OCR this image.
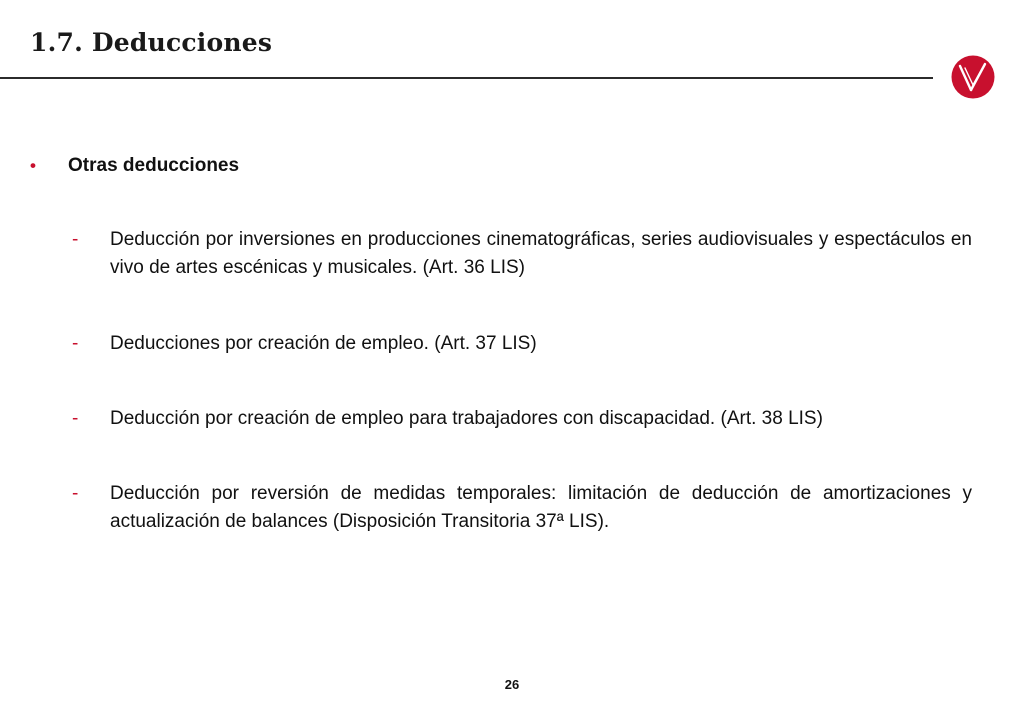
1.7. Deducciones

• Otras deducciones

- Deducción por inversiones en producciones cinematográficas, series audiovisuales y espectáculos en vivo de artes escénicas y musicales. (Art. 36 LIS)
- Deducciones por creación de empleo. (Art. 37 LIS)
- Deducción por creación de empleo para trabajadores con discapacidad. (Art. 38 LIS)
- Deducción por reversión de medidas temporales: limitación de deducción de amortizaciones y actualización de balances (Disposición Transitoria 37ª LIS).
26
